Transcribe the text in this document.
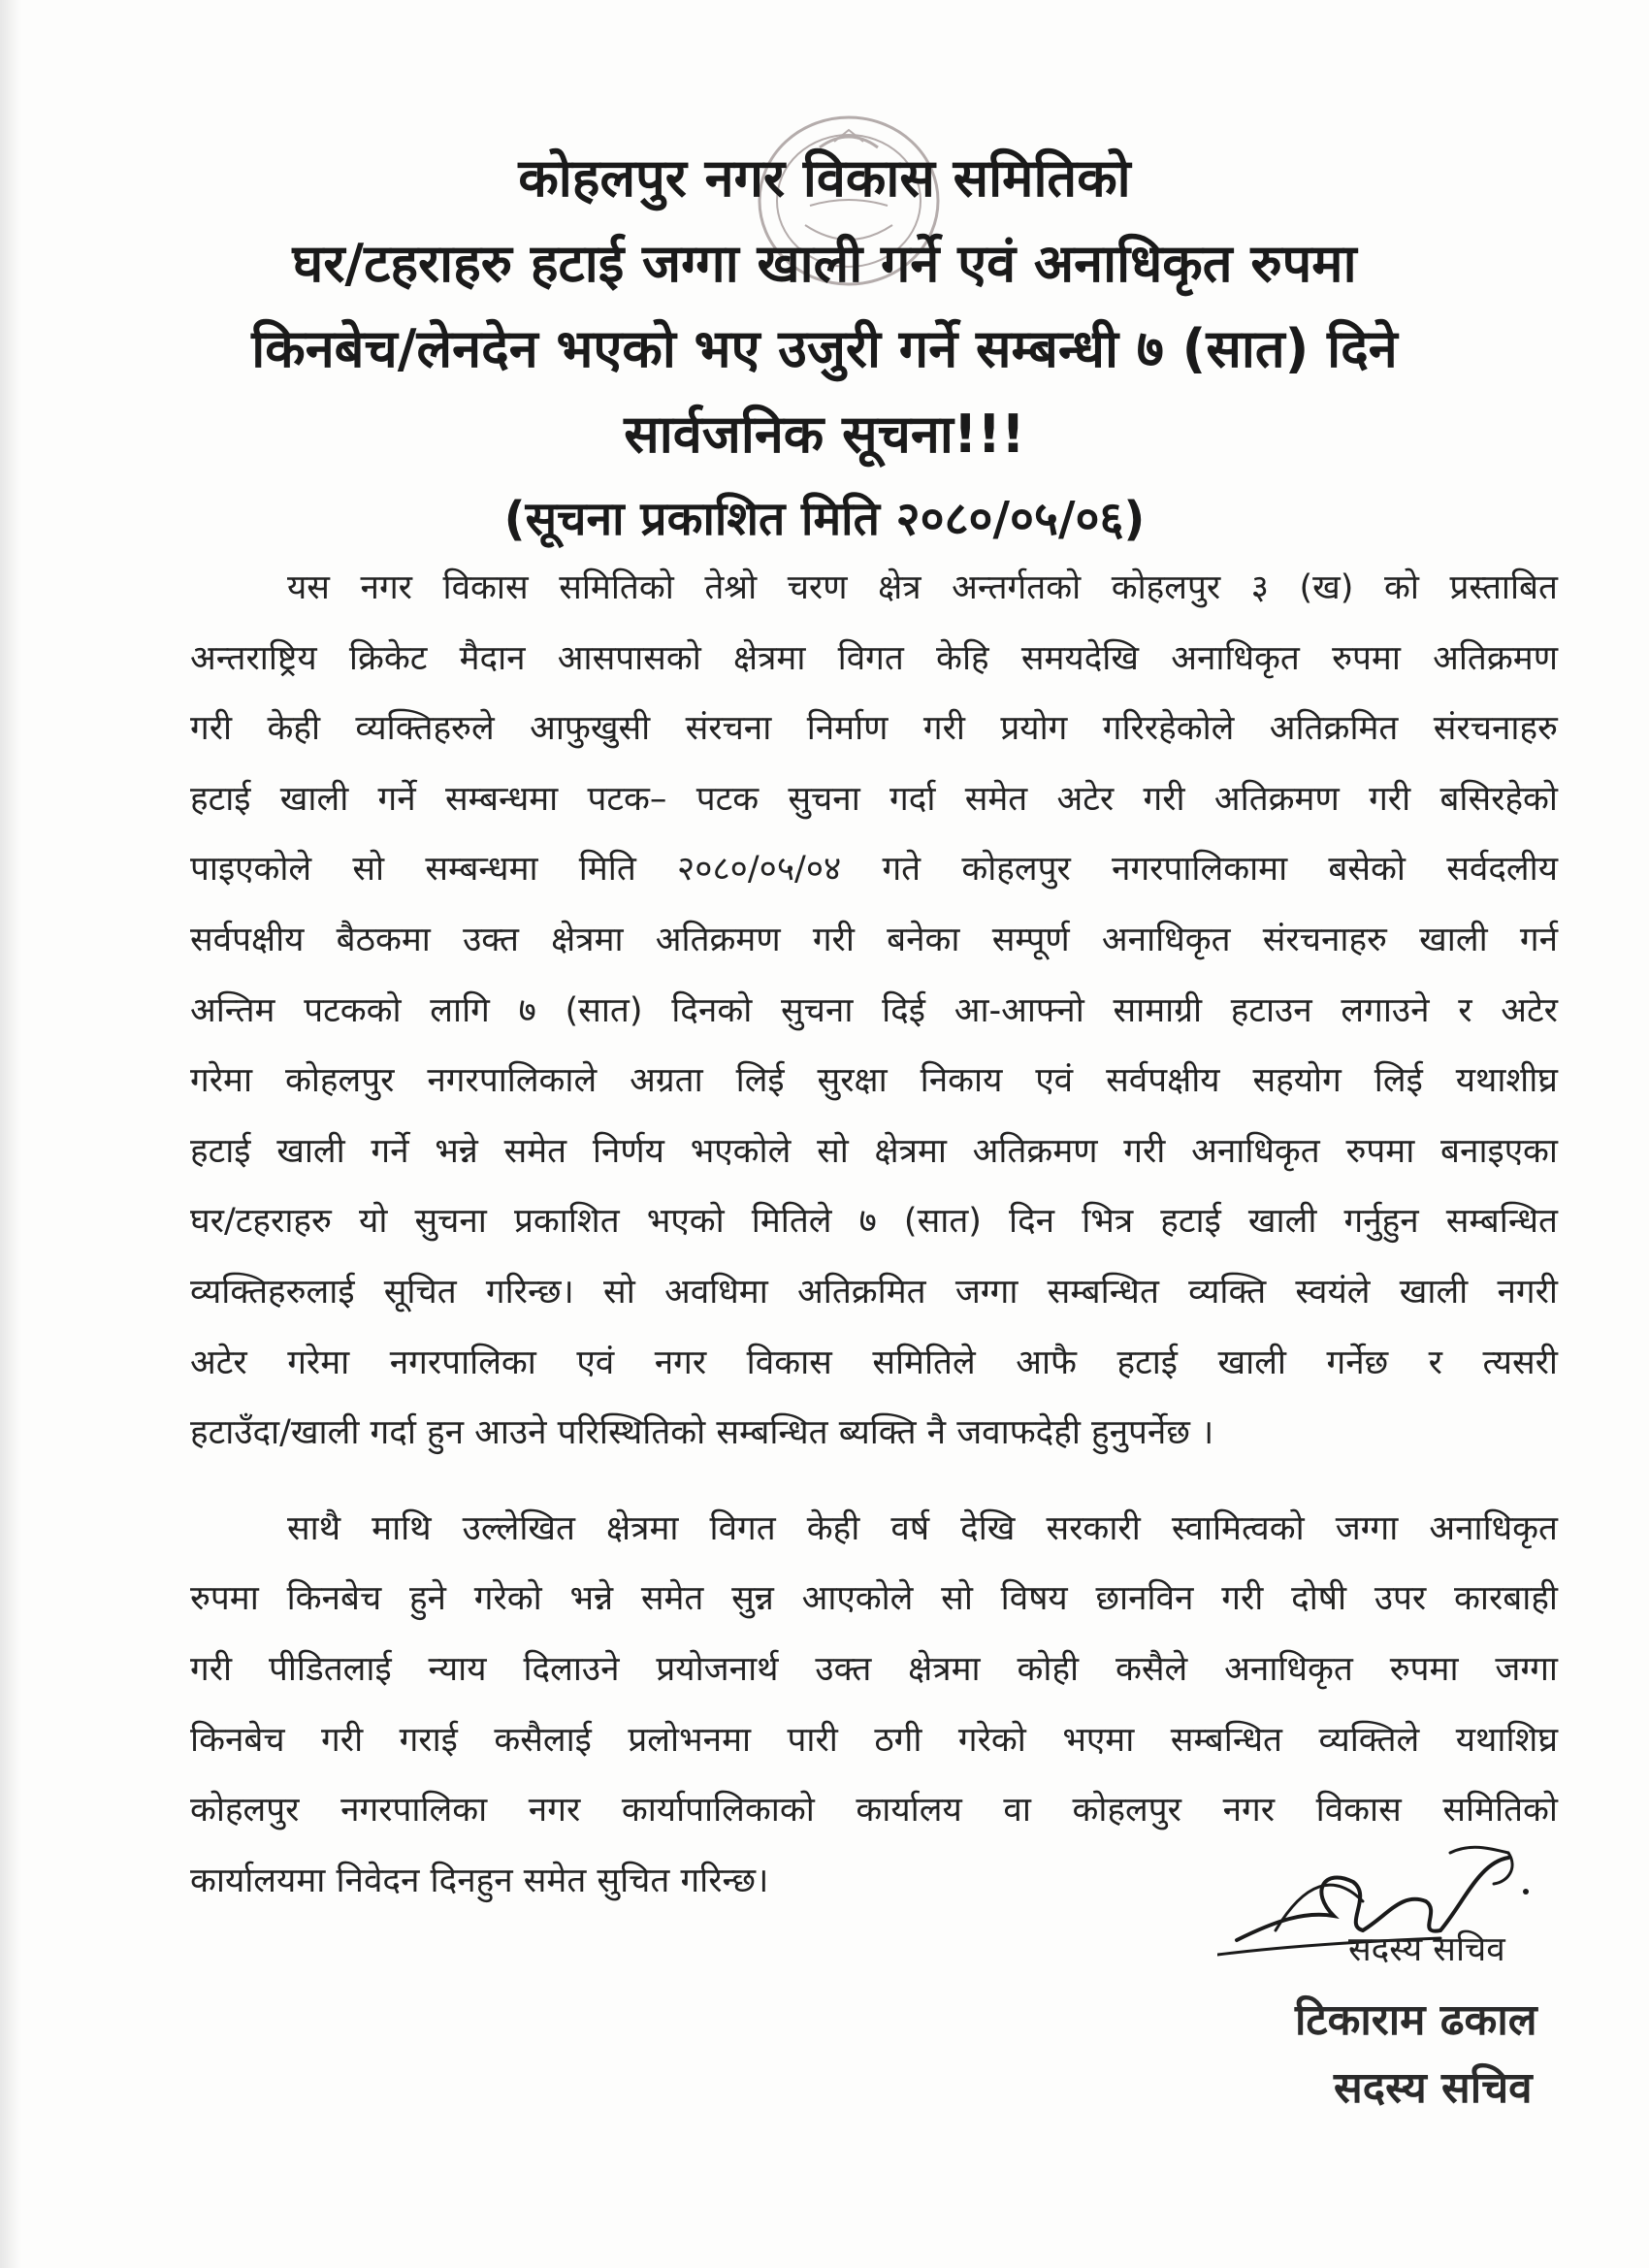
कोहलपुर नगर विकास समितिको
घर/टहराहरु हटाई जग्गा खाली गर्ने एवं अनाधिकृत रुपमा
किनबेच/लेनदेन भएको भए उजुरी गर्ने सम्बन्धी ७ (सात) दिने
सार्वजनिक सूचना!!!
(सूचना प्रकाशित मिति २०८०/०५/०६)
यस नगर विकास समितिको तेश्रो चरण क्षेत्र अन्तर्गतको कोहलपुर ३ (ख) को प्रस्ताबित
अन्तराष्ट्रिय क्रिकेट मैदान आसपासको क्षेत्रमा विगत केहि समयदेखि अनाधिकृत रुपमा अतिक्रमण
गरी केही व्यक्तिहरुले आफुखुसी संरचना निर्माण गरी प्रयोग गरिरहेकोले अतिक्रमित संरचनाहरु
हटाई खाली गर्ने सम्बन्धमा पटक– पटक सुचना गर्दा समेत अटेर गरी अतिक्रमण गरी बसिरहेको
पाइएकोले सो सम्बन्धमा मिति २०८०/०५/०४ गते कोहलपुर नगरपालिकामा बसेको सर्वदलीय
सर्वपक्षीय बैठकमा उक्त क्षेत्रमा अतिक्रमण गरी बनेका सम्पूर्ण अनाधिकृत संरचनाहरु खाली गर्न
अन्तिम पटकको लागि ७ (सात) दिनको सुचना दिई आ-आफ्नो सामाग्री हटाउन लगाउने र अटेर
गरेमा कोहलपुर नगरपालिकाले अग्रता लिई सुरक्षा निकाय एवं सर्वपक्षीय सहयोग लिई यथाशीघ्र
हटाई खाली गर्ने भन्ने समेत निर्णय भएकोले सो क्षेत्रमा अतिक्रमण गरी अनाधिकृत रुपमा बनाइएका
घर/टहराहरु यो सुचना प्रकाशित भएको मितिले ७ (सात) दिन भित्र हटाई खाली गर्नुहुन सम्बन्धित
व्यक्तिहरुलाई सूचित गरिन्छ। सो अवधिमा अतिक्रमित जग्गा सम्बन्धित व्यक्ति स्वयंले खाली नगरी
अटेर गरेमा नगरपालिका एवं नगर विकास समितिले आफै हटाई खाली गर्नेछ र त्यसरी
हटाउँदा/खाली गर्दा हुन आउने परिस्थितिको सम्बन्धित ब्यक्ति नै जवाफदेही हुनुपर्नेछ ।
साथै माथि उल्लेखित क्षेत्रमा विगत केही वर्ष देखि सरकारी स्वामित्वको जग्गा अनाधिकृत
रुपमा किनबेच हुने गरेको भन्ने समेत सुन्न आएकोले सो विषय छानविन गरी दोषी उपर कारबाही
गरी पीडितलाई न्याय दिलाउने प्रयोजनार्थ उक्त क्षेत्रमा कोही कसैले अनाधिकृत रुपमा जग्गा
किनबेच गरी गराई कसैलाई प्रलोभनमा पारी ठगी गरेको भएमा सम्बन्धित व्यक्तिले यथाशिघ्र
कोहलपुर नगरपालिका नगर कार्यापालिकाको कार्यालय वा कोहलपुर नगर विकास समितिको
कार्यालयमा निवेदन दिनहुन समेत सुचित गरिन्छ।
सदस्य सचिव
टिकाराम ढकाल
सदस्य सचिव
